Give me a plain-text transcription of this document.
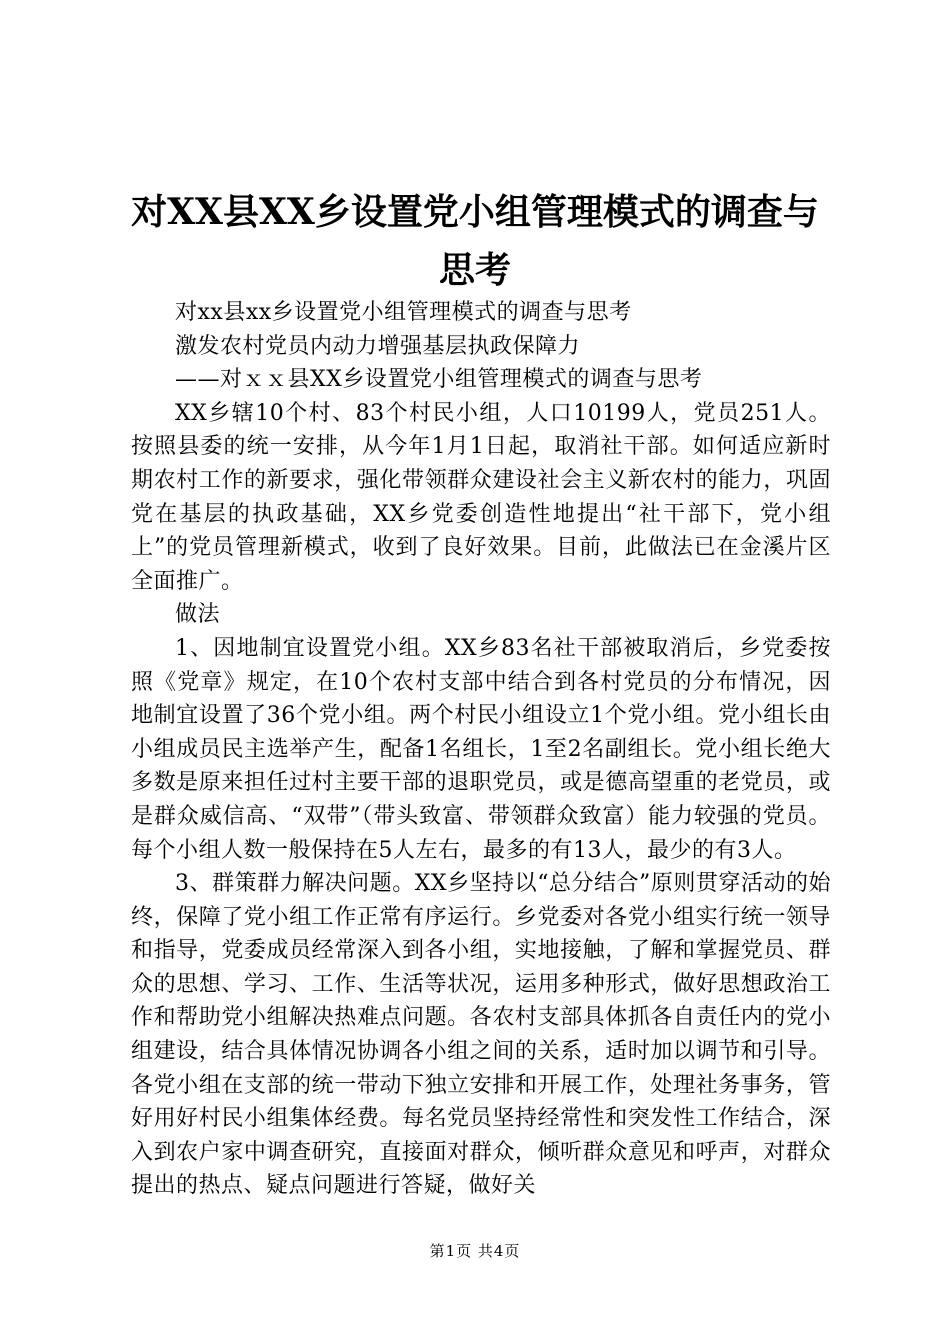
对XX县XX乡设置党小组管理模式的调查与思考

对xx县xx乡设置党小组管理模式的调查与思考

激发农村党员内动力增强基层执政保障力

——对ｘｘ县XX乡设置党小组管理模式的调查与思考

XX乡辖10个村、83个村民小组，人口10199人，党员251人。按照县委的统一安排，从今年1月1日起，取消社干部。如何适应新时期农村工作的新要求，强化带领群众建设社会主义新农村的能力，巩固党在基层的执政基础，XX乡党委创造性地提出“社干部下，党小组上”的党员管理新模式，收到了良好效果。目前，此做法已在金溪片区全面推广。

做法

1、因地制宜设置党小组。XX乡83名社干部被取消后，乡党委按照《党章》规定，在10个农村支部中结合到各村党员的分布情况，因地制宜设置了36个党小组。两个村民小组设立1个党小组。党小组长由小组成员民主选举产生，配备1名组长，1至2名副组长。党小组长绝大多数是原来担任过村主要干部的退职党员，或是德高望重的老党员，或是群众威信高、“双带”（带头致富、带领群众致富）能力较强的党员。每个小组人数一般保持在5人左右，最多的有13人，最少的有3人。

3、群策群力解决问题。XX乡坚持以“总分结合”原则贯穿活动的始终，保障了党小组工作正常有序运行。乡党委对各党小组实行统一领导和指导，党委成员经常深入到各小组，实地接触，了解和掌握党员、群众的思想、学习、工作、生活等状况，运用多种形式，做好思想政治工作和帮助党小组解决热难点问题。各农村支部具体抓各自责任内的党小组建设，结合具体情况协调各小组之间的关系，适时加以调节和引导。各党小组在支部的统一带动下独立安排和开展工作，处理社务事务，管好用好村民小组集体经费。每名党员坚持经常性和突发性工作结合，深入到农户家中调查研究，直接面对群众，倾听群众意见和呼声，对群众提出的热点、疑点问题进行答疑，做好关

第1页 共4页
